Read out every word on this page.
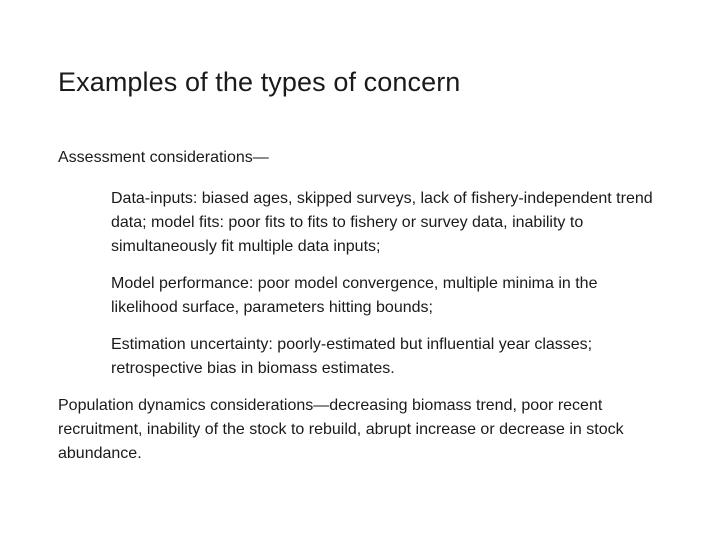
Examples of the types of concern

Assessment considerations—

Data-inputs: biased ages, skipped surveys, lack of fishery-independent trend data; model fits: poor fits to fits to fishery or survey data, inability to simultaneously fit multiple data inputs;

Model performance: poor model convergence, multiple minima in the likelihood surface, parameters hitting bounds;

Estimation uncertainty: poorly-estimated but influential year classes; retrospective bias in biomass estimates.

Population dynamics considerations—decreasing biomass trend, poor recent recruitment, inability of the stock to rebuild, abrupt increase or decrease in stock abundance.
